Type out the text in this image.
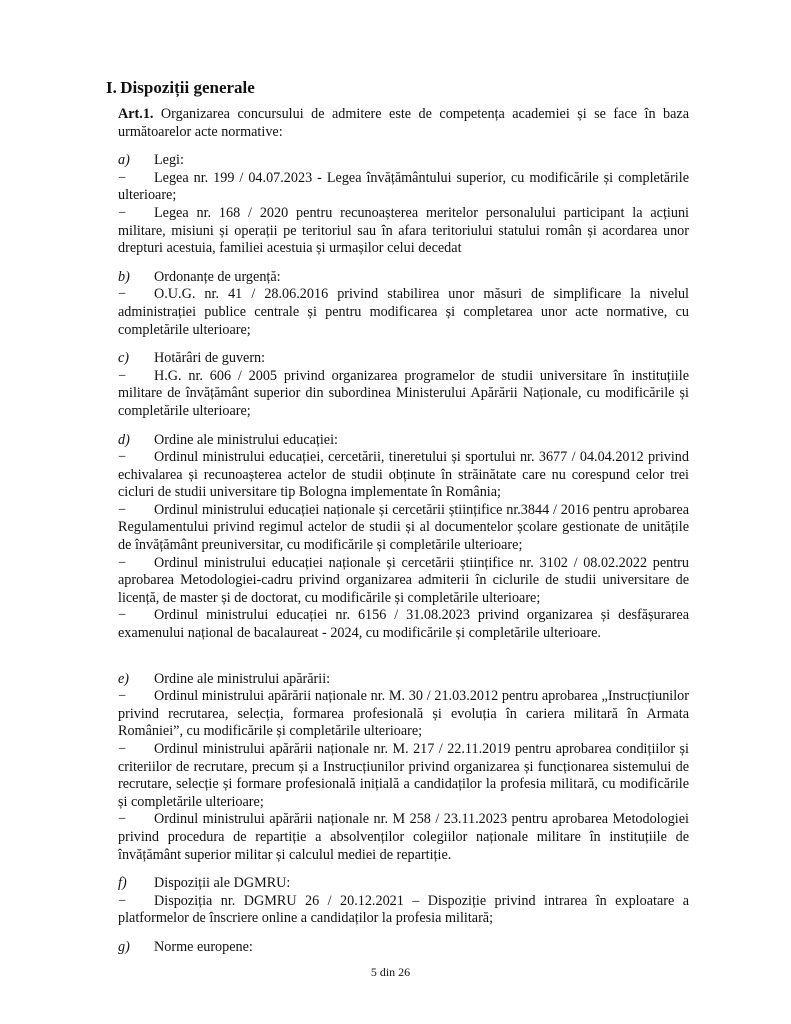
I. Dispoziții generale

Art.1. Organizarea concursului de admitere este de competența academiei și se face în baza următoarelor acte normative:

a) Legi:

− Legea nr. 199 / 04.07.2023 - Legea învățământului superior, cu modificările și completările ulterioare;

− Legea nr. 168 / 2020 pentru recunoașterea meritelor personalului participant la acțiuni militare, misiuni și operații pe teritoriul sau în afara teritoriului statului român și acordarea unor drepturi acestuia, familiei acestuia și urmașilor celui decedat

b) Ordonanțe de urgență:

− O.U.G. nr. 41 / 28.06.2016 privind stabilirea unor măsuri de simplificare la nivelul administrației publice centrale și pentru modificarea și completarea unor acte normative, cu completările ulterioare;

c) Hotărâri de guvern:

− H.G. nr. 606 / 2005 privind organizarea programelor de studii universitare în instituțiile militare de învățământ superior din subordinea Ministerului Apărării Naționale, cu modificările și completările ulterioare;

d) Ordine ale ministrului educației:

− Ordinul ministrului educației, cercetării, tineretului și sportului nr. 3677 / 04.04.2012 privind echivalarea și recunoașterea actelor de studii obținute în străinătate care nu corespund celor trei cicluri de studii universitare tip Bologna implementate în România;

− Ordinul ministrului educației naționale și cercetării științifice nr.3844 / 2016 pentru aprobarea Regulamentului privind regimul actelor de studii și al documentelor școlare gestionate de unitățile de învățământ preuniversitar, cu modificările și completările ulterioare;

− Ordinul ministrului educației naționale și cercetării științifice nr. 3102 / 08.02.2022 pentru aprobarea Metodologiei-cadru privind organizarea admiterii în ciclurile de studii universitare de licență, de master și de doctorat, cu modificările și completările ulterioare;

− Ordinul ministrului educației nr. 6156 / 31.08.2023 privind organizarea și desfășurarea examenului național de bacalaureat - 2024, cu modificările și completările ulterioare.

e) Ordine ale ministrului apărării:

− Ordinul ministrului apărării naționale nr. M. 30 / 21.03.2012 pentru aprobarea „Instrucțiunilor privind recrutarea, selecția, formarea profesională și evoluția în cariera militară în Armata României”, cu modificările și completările ulterioare;

− Ordinul ministrului apărării naționale nr. M. 217 / 22.11.2019 pentru aprobarea condițiilor și criteriilor de recrutare, precum și a Instrucțiunilor privind organizarea și funcționarea sistemului de recrutare, selecție și formare profesională inițială a candidaților la profesia militară, cu modificările și completările ulterioare;

− Ordinul ministrului apărării naționale nr. M 258 / 23.11.2023 pentru aprobarea Metodologiei privind procedura de repartiție a absolvenților colegiilor naționale militare în instituțiile de învățământ superior militar și calculul mediei de repartiție.

f) Dispoziții ale DGMRU:

− Dispoziția nr. DGMRU 26 / 20.12.2021 – Dispoziție privind intrarea în exploatare a platformelor de înscriere online a candidaților la profesia militară;

g) Norme europene:
5 din 26
